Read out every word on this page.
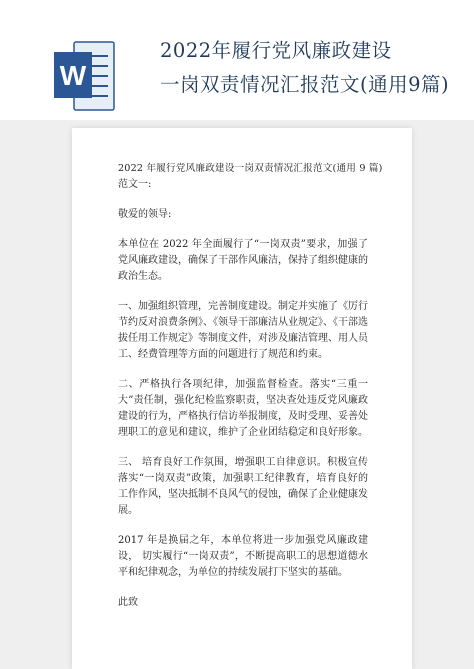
W
2022年履行党风廉政建设
一岗双责情况汇报范文(通用9篇)

2022 年履行党风廉政建设一岗双责情况汇报范文(通用 9 篇)

范文一:

敬爱的领导:

本单位在 2022 年全面履行了“一岗双责”要求，加强了党风廉政建设，确保了干部作风廉洁，保持了组织健康的政治生态。

一、加强组织管理，完善制度建设。制定并实施了《厉行节约反对浪费条例》、《领导干部廉洁从业规定》、《干部选拔任用工作规定》等制度文件，对涉及廉洁管理、用人员工、经费管理等方面的问题进行了规范和约束。

二、严格执行各项纪律，加强监督检查。落实“三重一大”责任制，强化纪检监察职责，坚决查处违反党风廉政建设的行为，严格执行信访举报制度，及时受理、妥善处理职工的意见和建议，维护了企业团结稳定和良好形象。

三、 培育良好工作氛围，增强职工自律意识。积极宣传落实“一岗双责”政策，加强职工纪律教育，培育良好的工作作风，坚决抵制不良风气的侵蚀，确保了企业健康发展。

2017 年是换届之年，本单位将进一步加强党风廉政建设， 切实履行“一岗双责”，不断提高职工的思想道德水平和纪律观念，为单位的持续发展打下坚实的基础。

此致
